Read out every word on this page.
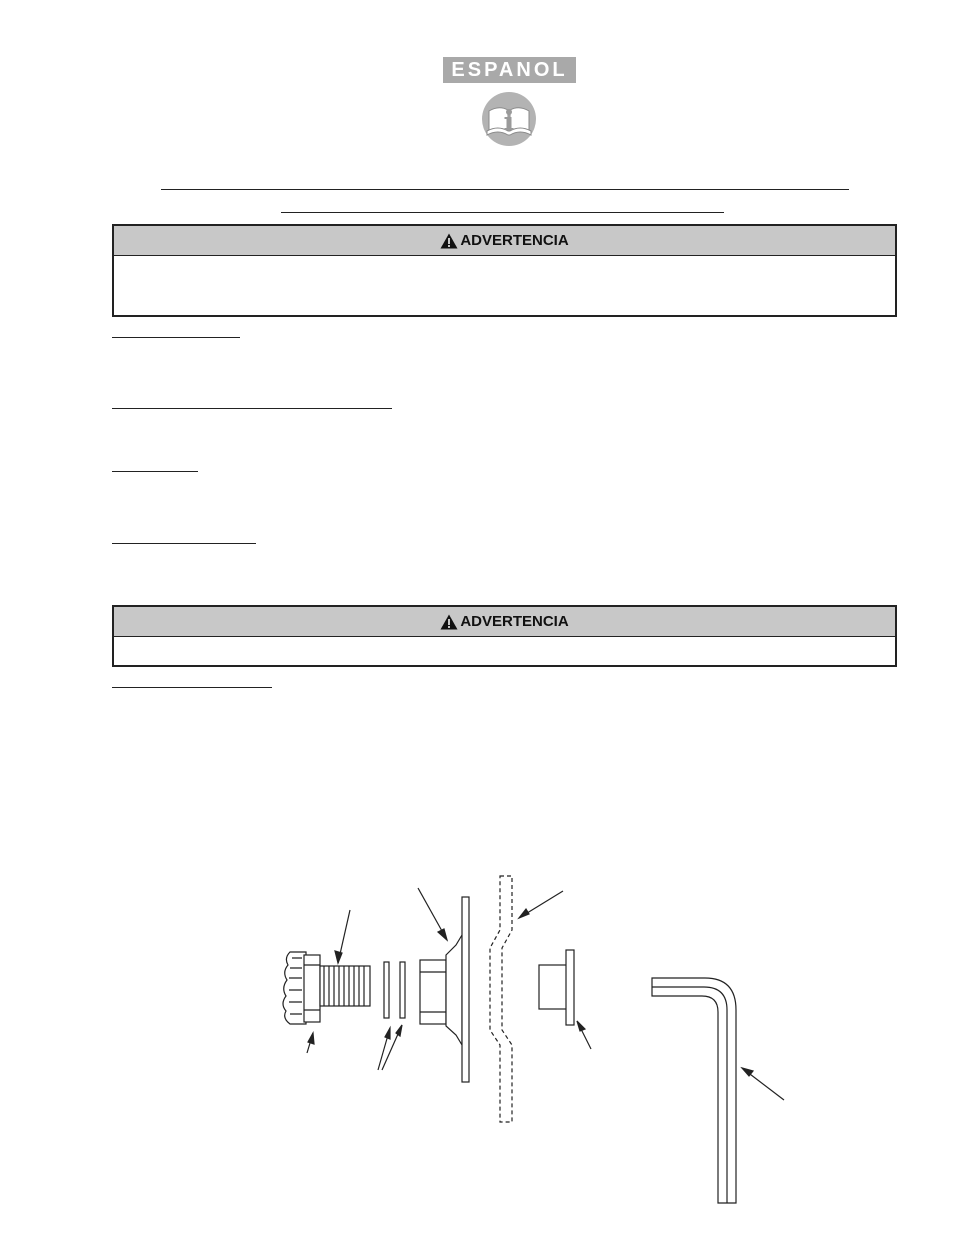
ESPANOL
ADVERTENCIA
ADVERTENCIA
